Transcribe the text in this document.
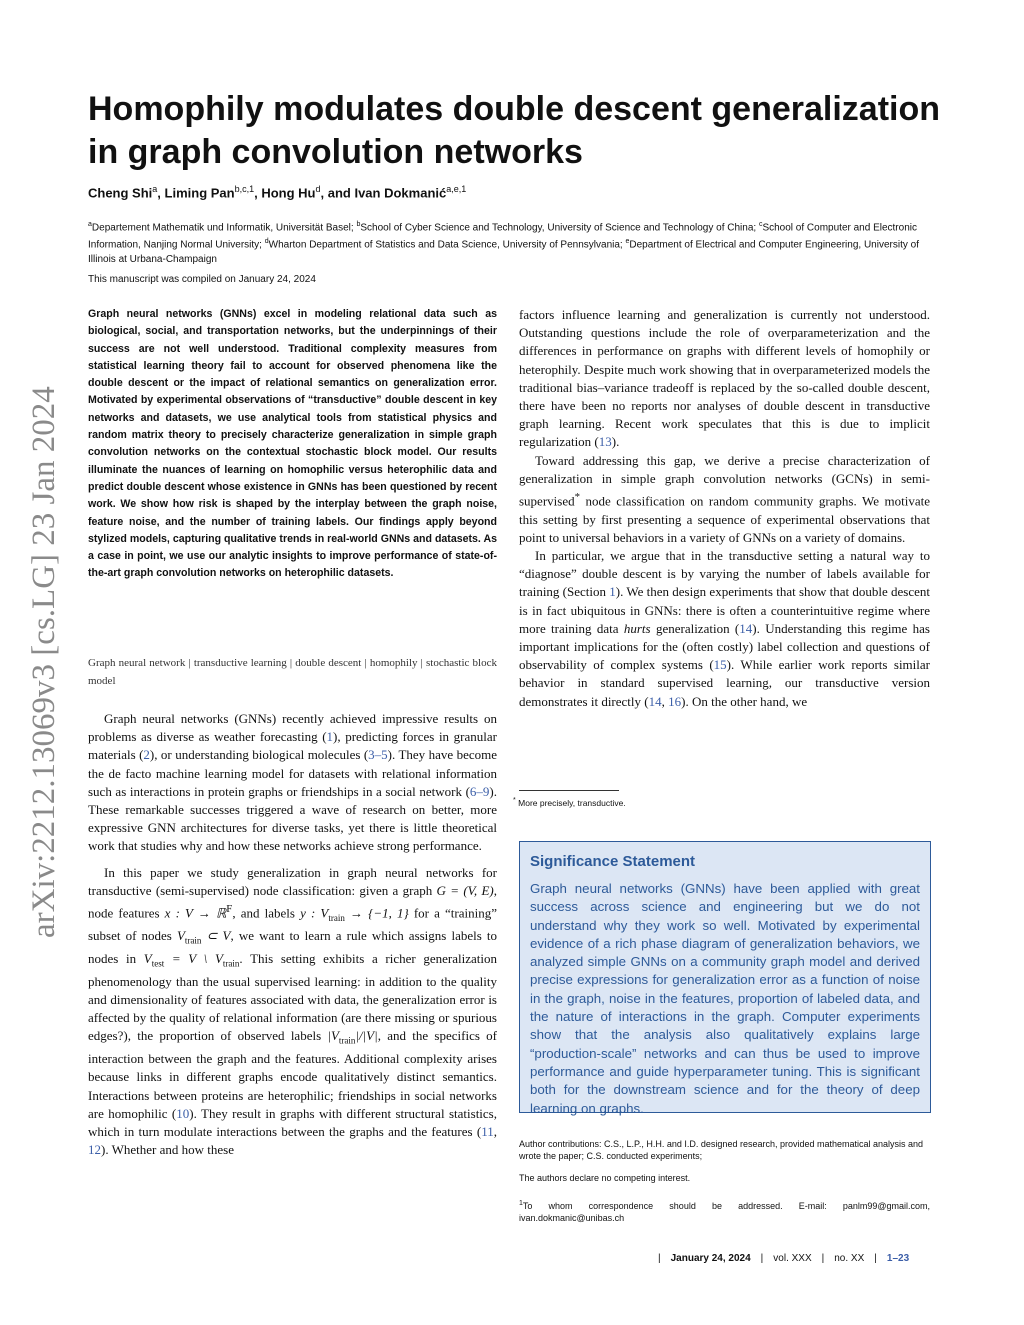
arXiv:2212.13069v3 [cs.LG] 23 Jan 2024
Homophily modulates double descent generalization in graph convolution networks
Cheng Shi$^a$, Liming Pan$^{b,c,1}$, Hong Hu$^d$, and Ivan Dokmanić$^{a,e,1}$
$^a$Departement Mathematik und Informatik, Universität Basel; $^b$School of Cyber Science and Technology, University of Science and Technology of China; $^c$School of Computer and Electronic Information, Nanjing Normal University; $^d$Wharton Department of Statistics and Data Science, University of Pennsylvania; $^e$Department of Electrical and Computer Engineering, University of Illinois at Urbana-Champaign
This manuscript was compiled on January 24, 2024

Graph neural networks (GNNs) excel in modeling relational data such as biological, social, and transportation networks, but the underpinnings of their success are not well understood. Traditional complexity measures from statistical learning theory fail to account for observed phenomena like the double descent or the impact of relational semantics on generalization error. Motivated by experimental observations of “transductive” double descent in key networks and datasets, we use analytical tools from statistical physics and random matrix theory to precisely characterize generalization in simple graph convolution networks on the contextual stochastic block model. Our results illuminate the nuances of learning on homophilic versus heterophilic data and predict double descent whose existence in GNNs has been questioned by recent work. We show how risk is shaped by the interplay between the graph noise, feature noise, and the number of training labels. Our findings apply beyond stylized models, capturing qualitative trends in real-world GNNs and datasets. As a case in point, we use our analytic insights to improve performance of state-of-the-art graph convolution networks on heterophilic datasets.

Graph neural network | transductive learning | double descent | homophily | stochastic block model

Graph neural networks (GNNs) recently achieved impressive results on problems as diverse as weather forecasting (1), predicting forces in granular materials (2), or understanding biological molecules (3–5). They have become the de facto machine learning model for datasets with relational information such as interactions in protein graphs or friendships in a social network (6–9). These remarkable successes triggered a wave of research on better, more expressive GNN architectures for diverse tasks, yet there is little theoretical work that studies why and how these networks achieve strong performance.

In this paper we study generalization in graph neural networks for transductive (semi-supervised) node classification: given a graph G = (V, E), node features x : V → ℝ$^F$, and labels y : $V_{train} \to \{-1$, 1} for a “training” subset of nodes $V_{train}$ ⊂ V, we want to learn a rule which assigns labels to nodes in $V_{test} = V$ \ $V_{train}$. This setting exhibits a richer generalization phenomenology than the usual supervised learning: in addition to the quality and dimensionality of features associated with data, the generalization error is affected by the quality of relational information (are there missing or spurious edges?), the proportion of observed labels $|V_{train}|/|V|$, and the specifics of interaction between the graph and the features. Additional complexity arises because links in different graphs encode qualitatively distinct semantics. Interactions between proteins are heterophilic; friendships in social networks are homophilic (10). They result in graphs with different structural statistics, which in turn modulate interactions between the graphs and the features (11, 12). Whether and how these

factors influence learning and generalization is currently not understood. Outstanding questions include the role of overparameterization and the differences in performance on graphs with different levels of homophily or heterophily. Despite much work showing that in overparameterized models the traditional bias–variance tradeoff is replaced by the so-called double descent, there have been no reports nor analyses of double descent in transductive graph learning. Recent work speculates that this is due to implicit regularization (13).

Toward addressing this gap, we derive a precise characterization of generalization in simple graph convolution networks (GCNs) in semi-supervised* node classification on random community graphs. We motivate this setting by first presenting a sequence of experimental observations that point to universal behaviors in a variety of GNNs on a variety of domains.

In particular, we argue that in the transductive setting a natural way to “diagnose” double descent is by varying the number of labels available for training (Section 1). We then design experiments that show that double descent is in fact ubiquitous in GNNs: there is often a counterintuitive regime where more training data hurts generalization (14). Understanding this regime has important implications for the (often costly) label collection and questions of observability of complex systems (15). While earlier work reports similar behavior in standard supervised learning, our transductive version demonstrates it directly (14, 16). On the other hand, we

* More precisely, transductive.
Significance Statement

Graph neural networks (GNNs) have been applied with great success across science and engineering but we do not understand why they work so well. Motivated by experimental evidence of a rich phase diagram of generalization behaviors, we analyzed simple GNNs on a community graph model and derived precise expressions for generalization error as a function of noise in the graph, noise in the features, proportion of labeled data, and the nature of interactions in the graph. Computer experiments show that the analysis also qualitatively explains large “production-scale” networks and can thus be used to improve performance and guide hyperparameter tuning. This is significant both for the downstream science and for the theory of deep learning on graphs.

Author contributions: C.S., L.P., H.H. and I.D. designed research, provided mathematical analysis and wrote the paper; C.S. conducted experiments;
The authors declare no competing interest.
$^1$To whom correspondence should be addressed. E-mail: panlm99@gmail.com, ivan.dokmanic@unibas.ch
| January 24, 2024 | vol. XXX | no. XX | 1–23
